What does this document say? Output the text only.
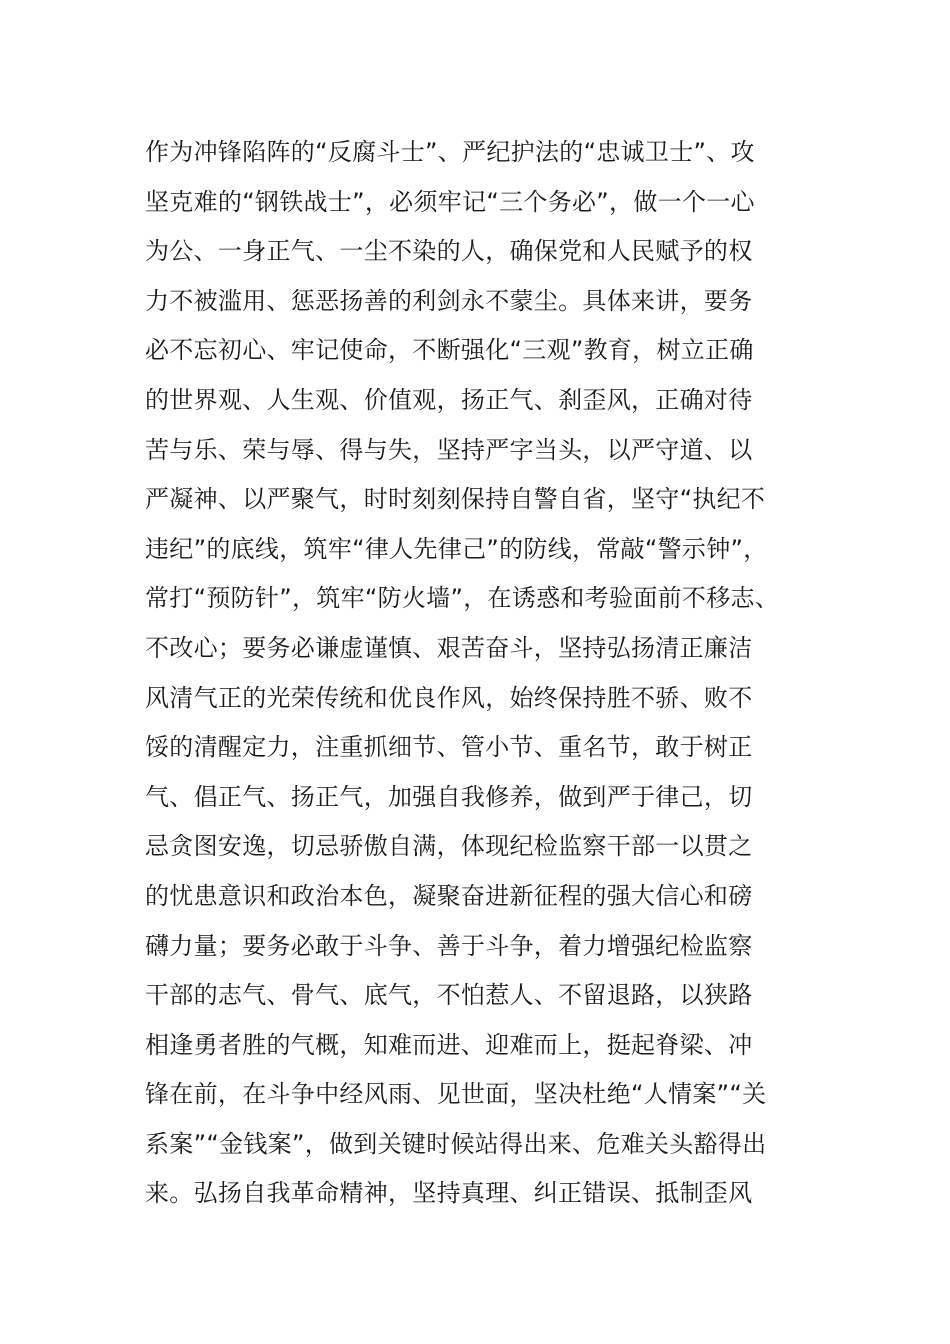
作为冲锋陷阵的“反腐斗士”、严纪护法的“忠诚卫士”、攻
坚克难的“钢铁战士”，必须牢记“三个务必”，做一个一心
为公、一身正气、一尘不染的人，确保党和人民赋予的权
力不被滥用、惩恶扬善的利剑永不蒙尘。具体来讲，要务
必不忘初心、牢记使命，不断强化“三观”教育，树立正确
的世界观、人生观、价值观，扬正气、刹歪风，正确对待
苦与乐、荣与辱、得与失，坚持严字当头，以严守道、以
严凝神、以严聚气，时时刻刻保持自警自省，坚守“执纪不
违纪”的底线，筑牢“律人先律己”的防线，常敲“警示钟”，
常打“预防针”，筑牢“防火墙”，在诱惑和考验面前不移志、
不改心；要务必谦虚谨慎、艰苦奋斗，坚持弘扬清正廉洁
风清气正的光荣传统和优良作风，始终保持胜不骄、败不
馁的清醒定力，注重抓细节、管小节、重名节，敢于树正
气、倡正气、扬正气，加强自我修养，做到严于律己，切
忌贪图安逸，切忌骄傲自满，体现纪检监察干部一以贯之
的忧患意识和政治本色，凝聚奋进新征程的强大信心和磅
礴力量；要务必敢于斗争、善于斗争，着力增强纪检监察
干部的志气、骨气、底气，不怕惹人、不留退路，以狭路
相逢勇者胜的气概，知难而进、迎难而上，挺起脊梁、冲
锋在前，在斗争中经风雨、见世面，坚决杜绝“人情案”“关
系案”“金钱案”，做到关键时候站得出来、危难关头豁得出
来。弘扬自我革命精神，坚持真理、纠正错误、抵制歪风
